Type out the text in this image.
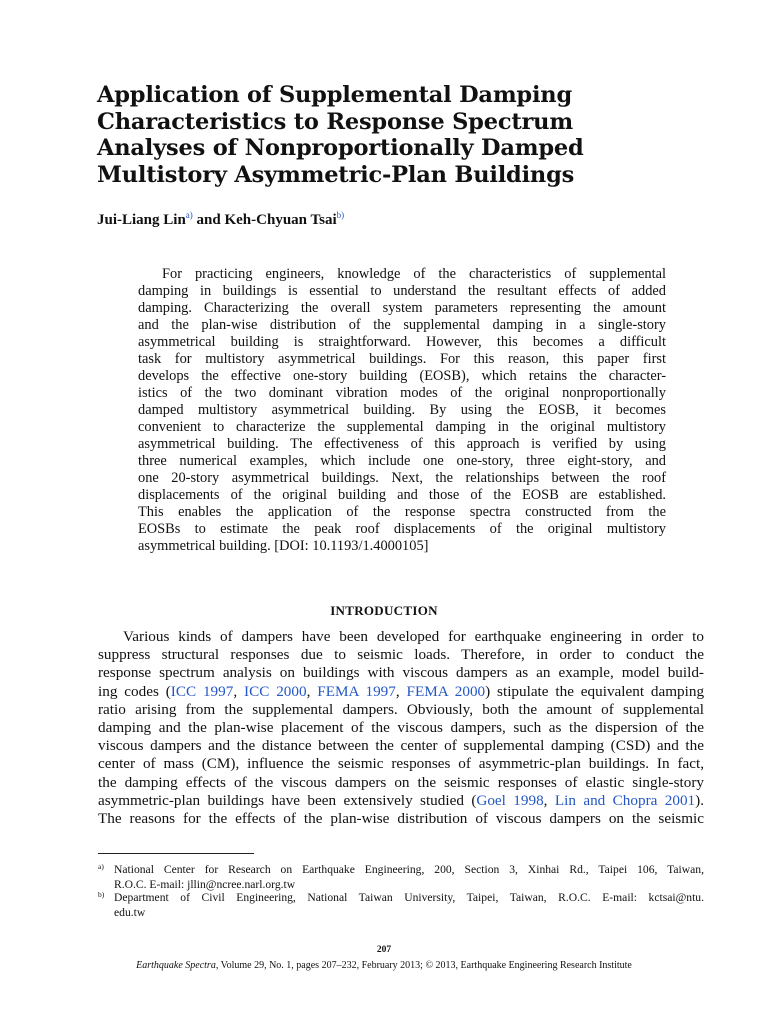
Application of Supplemental Damping
Characteristics to Response Spectrum
Analyses of Nonproportionally Damped
Multistory Asymmetric-Plan Buildings
Jui-Liang Lin$^{a)}$ and Keh-Chyuan Tsai$^{b)}$

For practicing engineers, knowledge of the characteristics of supplemental
damping in buildings is essential to understand the resultant effects of added
damping. Characterizing the overall system parameters representing the amount
and the plan-wise distribution of the supplemental damping in a single-story
asymmetrical building is straightforward. However, this becomes a difficult
task for multistory asymmetrical buildings. For this reason, this paper first
develops the effective one-story building (EOSB), which retains the character-
istics of the two dominant vibration modes of the original nonproportionally
damped multistory asymmetrical building. By using the EOSB, it becomes
convenient to characterize the supplemental damping in the original multistory
asymmetrical building. The effectiveness of this approach is verified by using
three numerical examples, which include one one-story, three eight-story, and
one 20-story asymmetrical buildings. Next, the relationships between the roof
displacements of the original building and those of the EOSB are established.
This enables the application of the response spectra constructed from the
EOSBs to estimate the peak roof displacements of the original multistory
asymmetrical building. [DOI: 10.1193/1.4000105]

INTRODUCTION

Various kinds of dampers have been developed for earthquake engineering in order to
suppress structural responses due to seismic loads. Therefore, in order to conduct the
response spectrum analysis on buildings with viscous dampers as an example, model build-
ing codes (ICC 1997, ICC 2000, FEMA 1997, FEMA 2000) stipulate the equivalent damping
ratio arising from the supplemental dampers. Obviously, both the amount of supplemental
damping and the plan-wise placement of the viscous dampers, such as the dispersion of the
viscous dampers and the distance between the center of supplemental damping (CSD) and the
center of mass (CM), influence the seismic responses of asymmetric-plan buildings. In fact,
the damping effects of the viscous dampers on the seismic responses of elastic single-story
asymmetric-plan buildings have been extensively studied (Goel 1998, Lin and Chopra 2001).
The reasons for the effects of the plan-wise distribution of viscous dampers on the seismic

a) National Center for Research on Earthquake Engineering, 200, Section 3, Xinhai Rd., Taipei 106, Taiwan,
R.O.C. E-mail: jllin@ncree.narl.org.tw
b) Department of Civil Engineering, National Taiwan University, Taipei, Taiwan, R.O.C. E-mail: kctsai@ntu.
edu.tw
207
Earthquake Spectra, Volume 29, No. 1, pages 207–232, February 2013; © 2013, Earthquake Engineering Research Institute
